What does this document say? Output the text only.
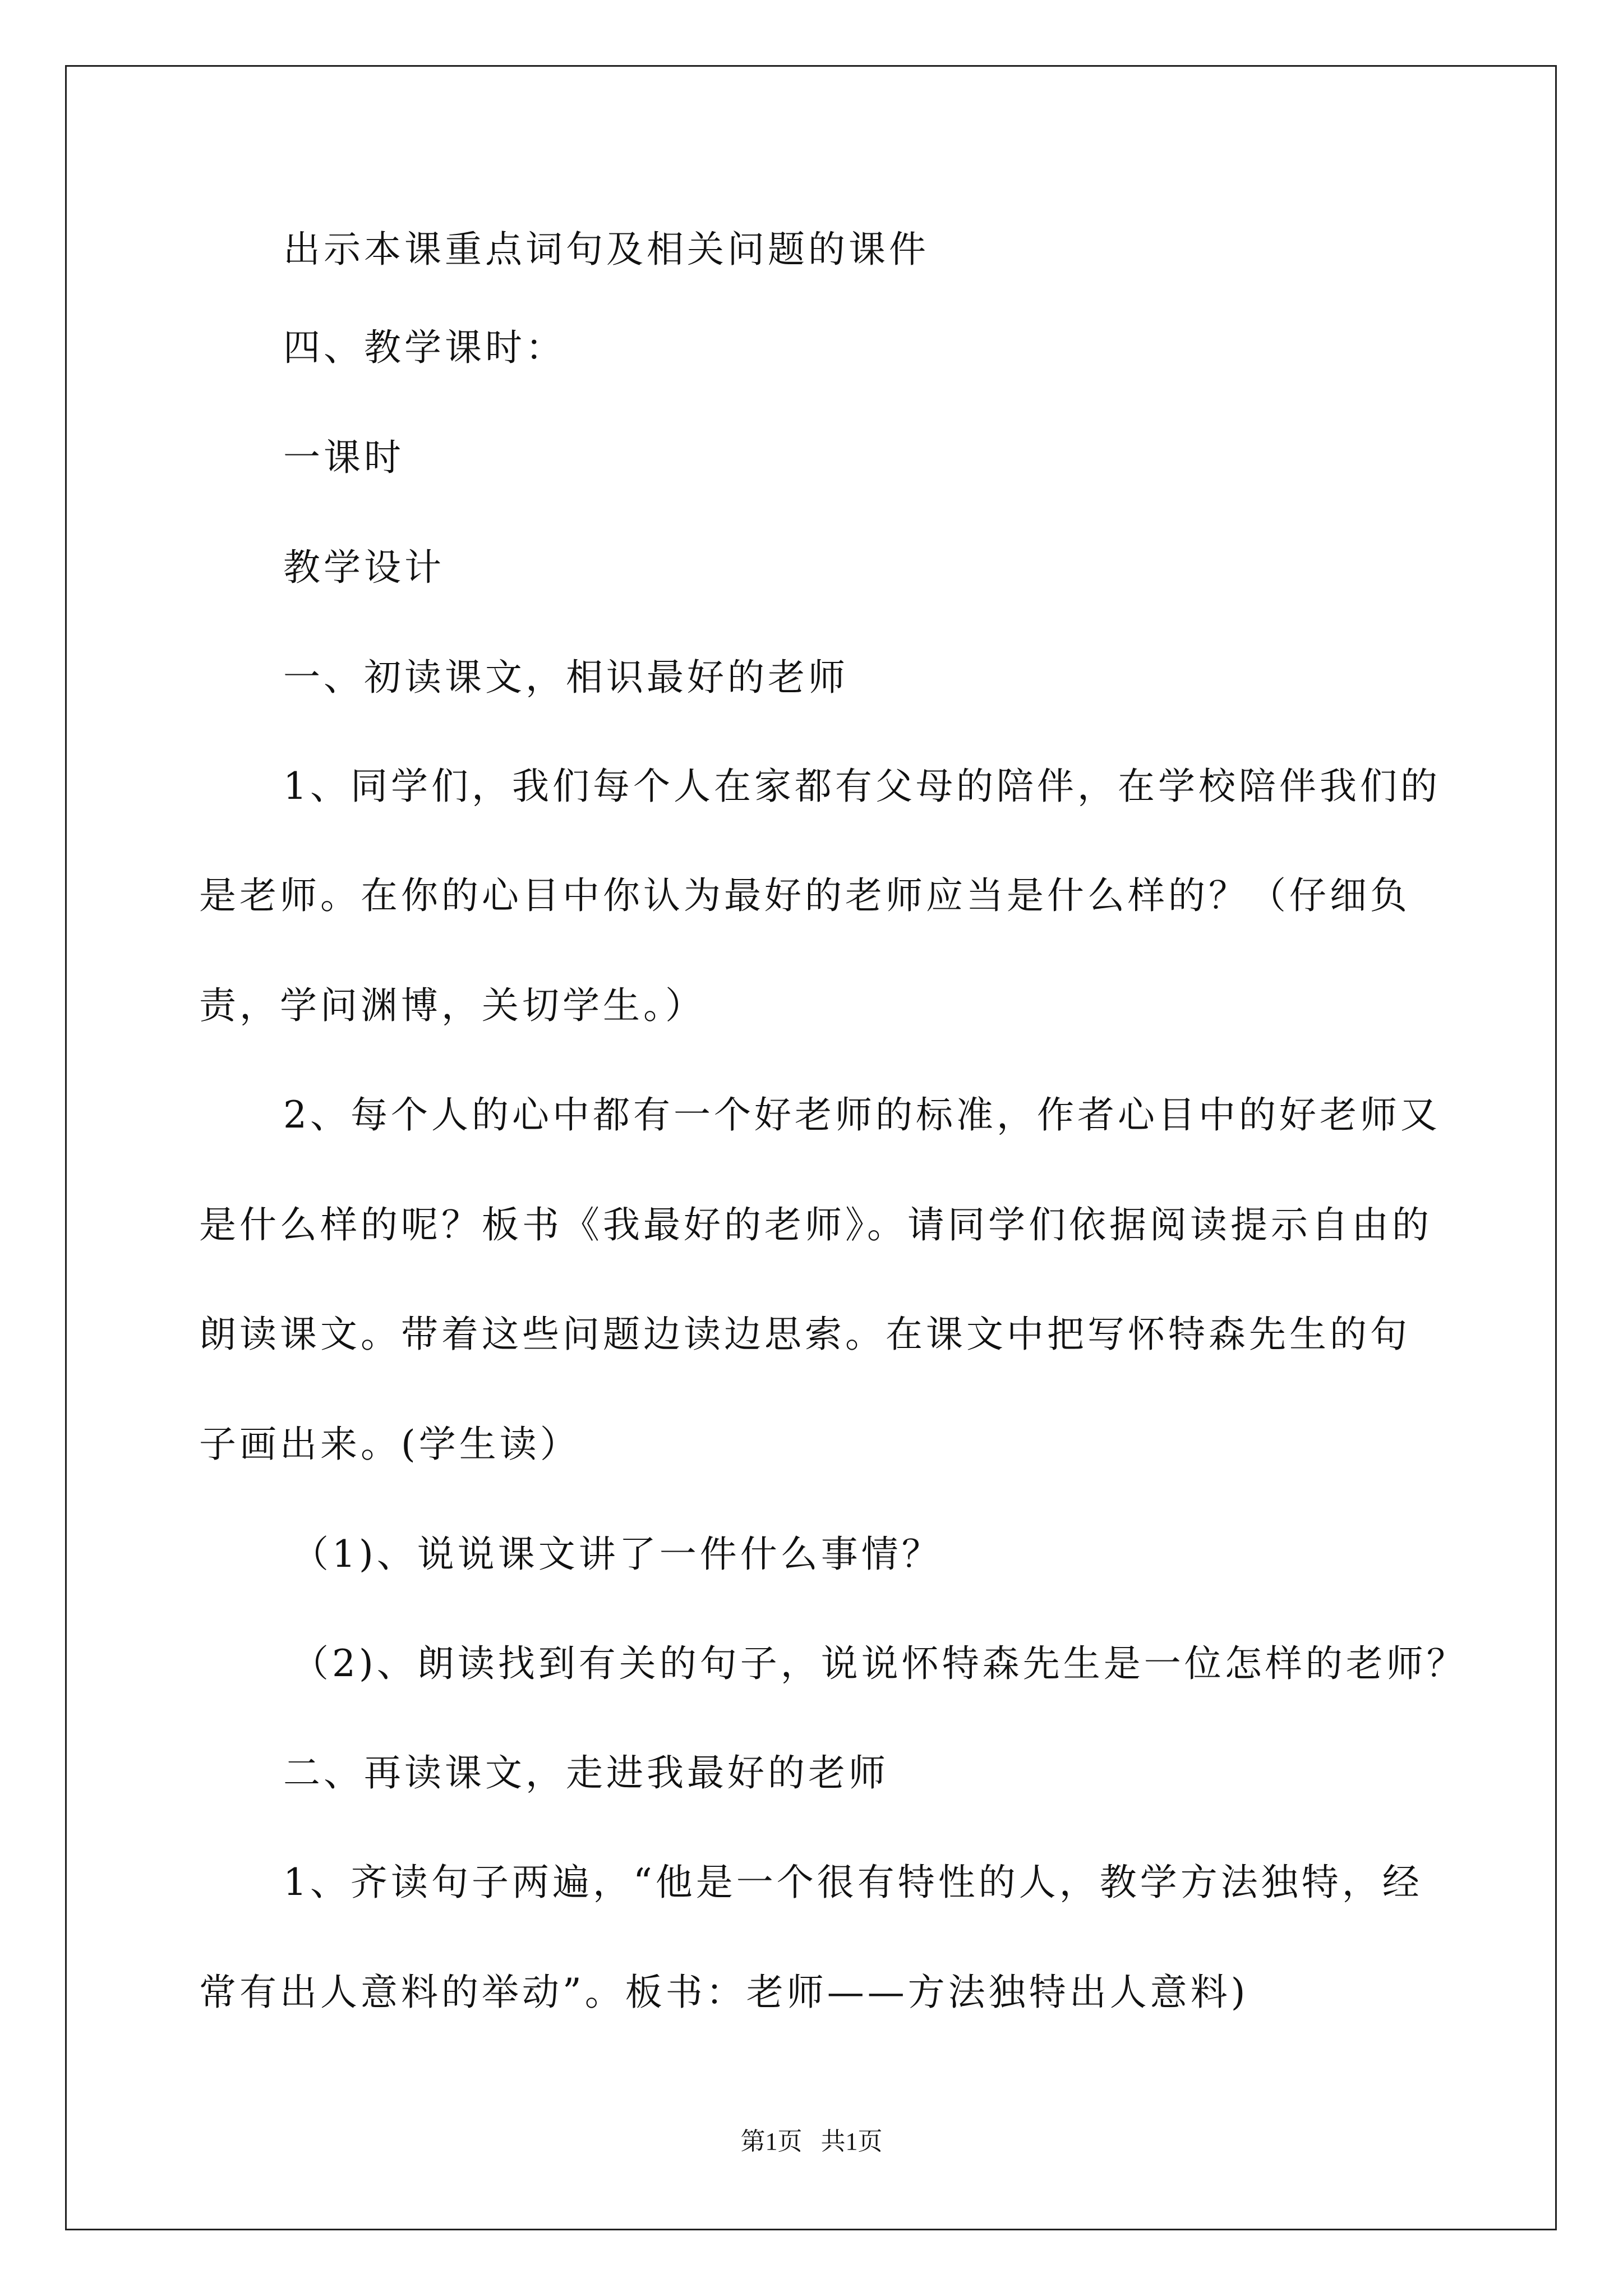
出示本课重点词句及相关问题的课件
四、教学课时：
一课时
教学设计
一、初读课文，相识最好的老师
1、同学们，我们每个人在家都有父母的陪伴，在学校陪伴我们的
是老师。在你的心目中你认为最好的老师应当是什么样的？（仔细负
责，学问渊博，关切学生。）
2、每个人的心中都有一个好老师的标准，作者心目中的好老师又
是什么样的呢？板书《我最好的老师》。请同学们依据阅读提示自由的
朗读课文。带着这些问题边读边思索。在课文中把写怀特森先生的句
子画出来。(学生读）
（1)、说说课文讲了一件什么事情？
（2)、朗读找到有关的句子，说说怀特森先生是一位怎样的老师？
二、再读课文，走进我最好的老师
1、齐读句子两遍，“他是一个很有特性的人，教学方法独特，经
常有出人意料的举动”。板书：老师——方法独特出人意料)
第1页   共1页
